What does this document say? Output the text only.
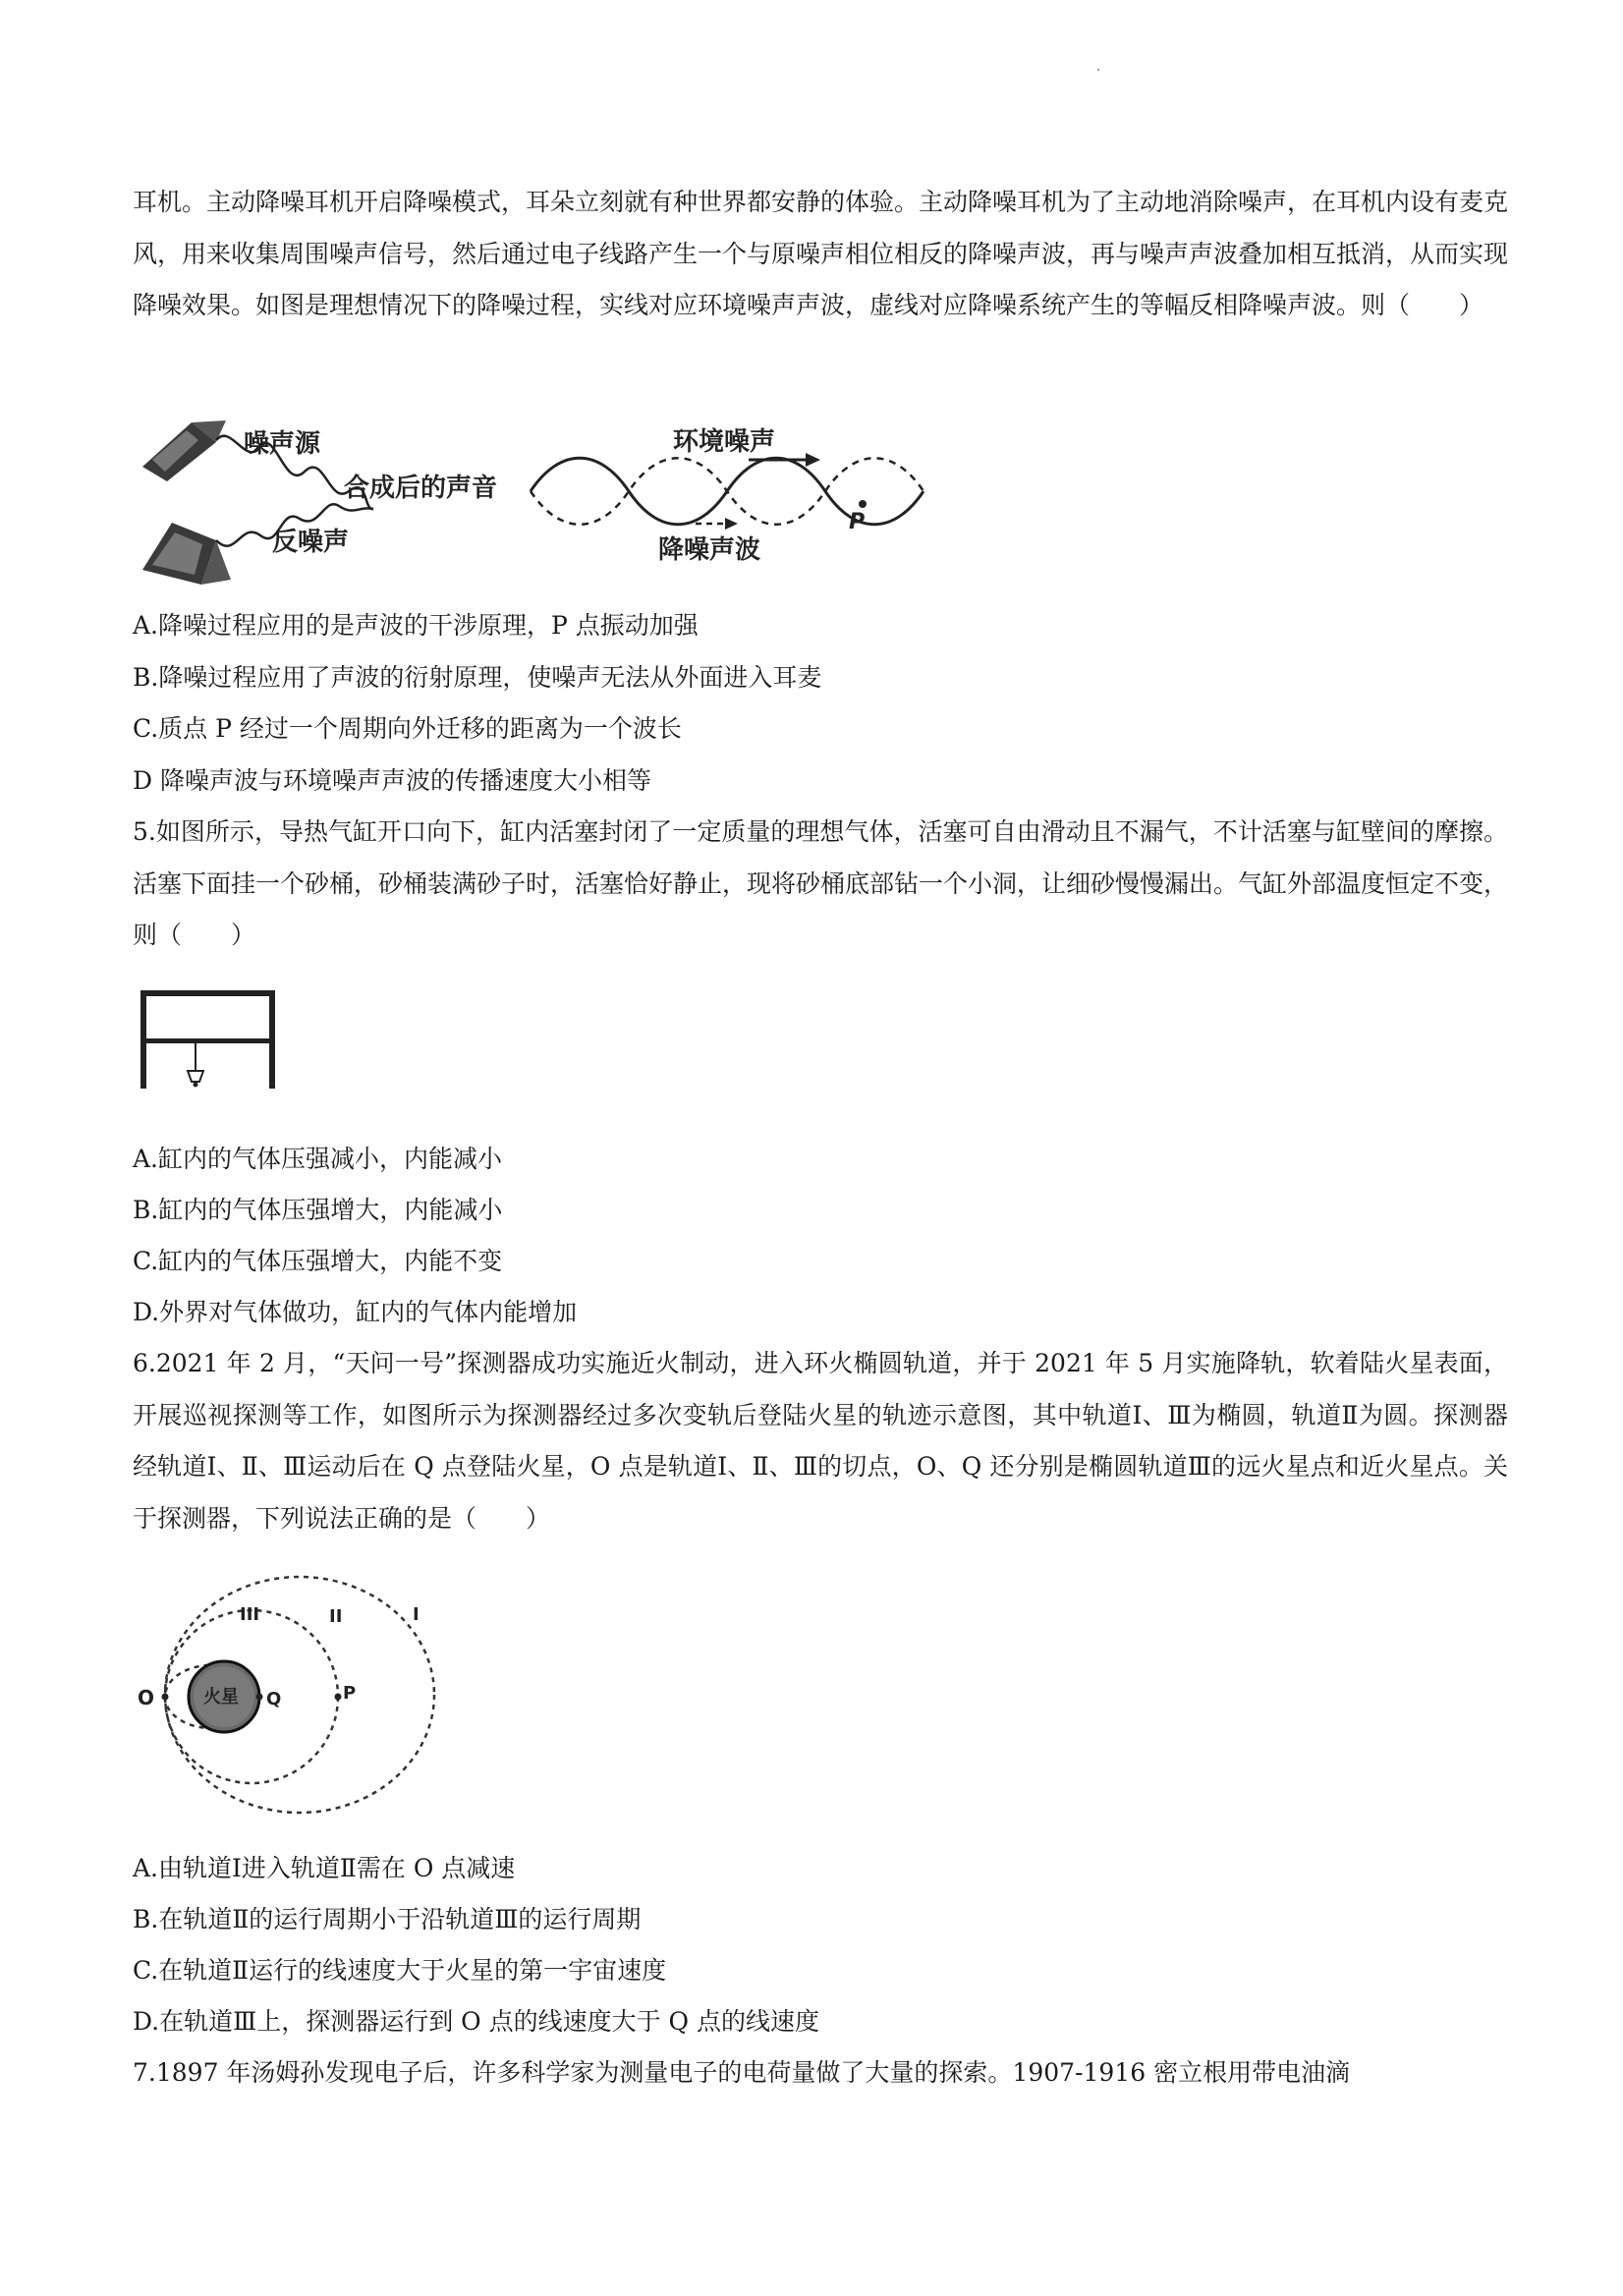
耳机。主动降噪耳机开启降噪模式，耳朵立刻就有种世界都安静的体验。主动降噪耳机为了主动地消除噪声，在耳机内设有麦克风，用来收集周围噪声信号，然后通过电子线路产生一个与原噪声相位相反的降噪声波，再与噪声声波叠加相互抵消，从而实现降噪效果。如图是理想情况下的降噪过程，实线对应环境噪声声波，虚线对应降噪系统产生的等幅反相降噪声波。则（　　）

噪声源
合成后的声音
反噪声
环境噪声
降噪声波
P

A.降噪过程应用的是声波的干涉原理，P 点振动加强

B.降噪过程应用了声波的衍射原理，使噪声无法从外面进入耳麦

C.质点 P 经过一个周期向外迁移的距离为一个波长

D 降噪声波与环境噪声声波的传播速度大小相等

5.如图所示，导热气缸开口向下，缸内活塞封闭了一定质量的理想气体，活塞可自由滑动且不漏气，不计活塞与缸壁间的摩擦。活塞下面挂一个砂桶，砂桶装满砂子时，活塞恰好静止，现将砂桶底部钻一个小洞，让细砂慢慢漏出。气缸外部温度恒定不变，则（　　）

A.缸内的气体压强减小，内能减小

B.缸内的气体压强增大，内能减小

C.缸内的气体压强增大，内能不变

D.外界对气体做功，缸内的气体内能增加

6.2021 年 2 月，“天问一号”探测器成功实施近火制动，进入环火椭圆轨道，并于 2021 年 5 月实施降轨，软着陆火星表面，开展巡视探测等工作，如图所示为探测器经过多次变轨后登陆火星的轨迹示意图，其中轨道Ⅰ、Ⅲ为椭圆，轨道Ⅱ为圆。探测器经轨道Ⅰ、Ⅱ、Ⅲ运动后在 Q 点登陆火星，O 点是轨道Ⅰ、Ⅱ、Ⅲ的切点，O、Q 还分别是椭圆轨道Ⅲ的远火星点和近火星点。关于探测器，下列说法正确的是（　　）

火星
O	Q	P
III	II	I

A.由轨道Ⅰ进入轨道Ⅱ需在 O 点减速

B.在轨道Ⅱ的运行周期小于沿轨道Ⅲ的运行周期

C.在轨道Ⅱ运行的线速度大于火星的第一宇宙速度

D.在轨道Ⅲ上，探测器运行到 O 点的线速度大于 Q 点的线速度

7.1897 年汤姆孙发现电子后，许多科学家为测量电子的电荷量做了大量的探索。1907-1916 密立根用带电油滴
